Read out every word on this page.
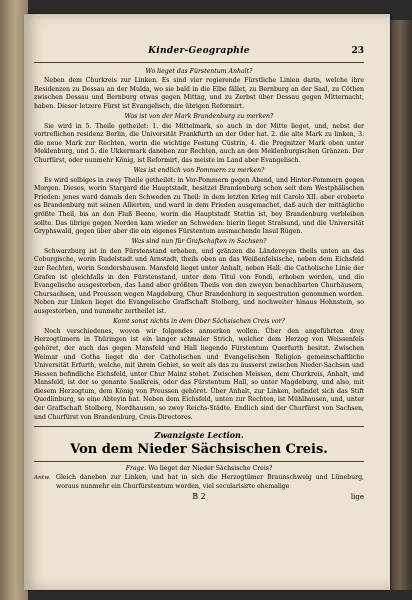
Kinder-Geographie	23
Wo lieget das Fürstentum Anhalt?
Neben dem Churkreis zur Linken. Es sind vier regierende Fürstliche Linien darin, welche ihre Residenzen zu Dessau an der Mulda, wo sie bald in die Elbe fället, zu Bernburg an der Saal, zu Cöthen zwischen Dessau und Bernburg etwas gegen Mittag, und zu Zerbst über Dessau gegen Mitternacht, haben. Dieser letzere Fürst ist Evangelisch, die übrigen Reformirt.
Was ist von der Mark Brandenburg zu merken?
Sie wird in 5. Theile getheilet: 1. die Mittelmark, so auch in der Mitte lieget, und, nebst der vortreflichen residenz Berlin, die Universität Frankfurth an der Oder hat. 2. die alte Mark zu linken, 3. die neue Mark zur Rechten, worin die wichtige Festung Cüstrin, 4. die Pregnitzer Mark oben unter Meklenburg, und 5. die Ukkermark daneben zur Rechten, auch an den Meklenburgischen Gränzen. Der Churfürst, oder nunmehr König, ist Reformirt, das meiste im Land aber Evangelisch.
Was ist endlich von Pommern zu merken?
Es wird selbiges in zwey Theile getheilet: in Vor-Pommern gegen Abend, und Hinter-Pommern gegen Morgen. Dieses, worin Stargard die Hauptstadt, besitzet Brandenburg schon seit dem Westphälischen Frieden: jenes ward damals den Schweden zu Theil: in dem letzten Krieg mit Carolo XII. aber eroberte es Brandenburg mit seinen Allierten, und ward in dem Frieden ausgemachet, daß auch der mittägliche größte Theil, bis an den Fluß Beene, worin die Hauptstadt Stettin ist, bey Brandenburg verbleiben sollte. Das übrige gegen Norden kam wieder an Schweden: hierin lieget Stralsund, und die Universität Gryphswald, gegen über aber die ein eigenes Fürstentum ausmachende Insul Rügen.
Was sind nun für Grafschaften in Sachsen?
Schwarzburg ist in den Fürstenstand erhoben, und gränzen die Ländereyen theils unten an das Coburgische, worin Rudelstadt und Arnstadt, theils oben an das Weißenfelsische, neben dem Eichsfeld zur Rechten, worin Sondershausen. Mansfeld lieget unter Anhalt, neben Hall: die Catholische Linie der Grafen ist gleichfalls in den Fürstenstand, unter dem Titul von Fondi, erhoben worden, und die Evangelische ausgestorben, das Land aber größten Theils von den zweyen benachbarten Churhäusern, Chursachsen, und Preussen wegen Magdeburg, Chur Brandenburg in sequestration genommen worden. Neben zur Linken lieget die Evangelische Graffschaft Stolberg, und nochweiter hinaus Hohnstein, so ausgestorben, und nunmehr zertheilet ist.
Komt sonst nichts in dem Ober Sächsischen Creis vor?
Noch verschiedenes, wovon wir folgendes anmerken wollen. Über den angeführten drey Herzogtümern in Thüringen ist ein langer schmaler Strich, welcher dem Herzog von Weissenfels gehöret, der auch das gegen Mansfeld und Hall liegende Fürstentum Querfurth besitzt. Zwischen Weimar und Gotha lieget die der Catholischen und Evangelischen Religion gemeinschaftliche Universität Erfurth, welche, mit ihrem Gebiet, so weit als das zu äusserst zwischen Nieder-Sachsen und Hessen befindliche Eichsfeld, unter Chur Mainz stehet. Zwischen Meissen, dem Churkreis, Anhalt, und Mansfeld, ist der so genante Saalkreis, oder das Fürstentum Hall, so unter Magdeburg, und also, mit diesem Herzogtum, dem König von Preussen gehöret. Über Anhalt, zur Linken, befindet sich das Stift Quedlinburg, so eine Abteyin hat. Neben dem Eichsfeld, unten zur Rechten, ist Mühlhausen, und, unter der Graffschaft Stolberg, Nordhausen, so zwey Reichs-Städte. Endlich sind der Churfürst von Sachsen, und Churfürst von Brandenburg, Creis-Directores.
Zwanzigste Lection.
Von dem Nieder Sächsischen Creis.
Frage. Wo lieget der Nieder Sächsische Creis?
Antw. Gleich daneben zur Linken, und hat in sich die Herzogtümer Braunschweig und Lüneburg, woraus nunmehr ein Churfürstentum worden, viel secularisirte ehemalige
B 2	lige
